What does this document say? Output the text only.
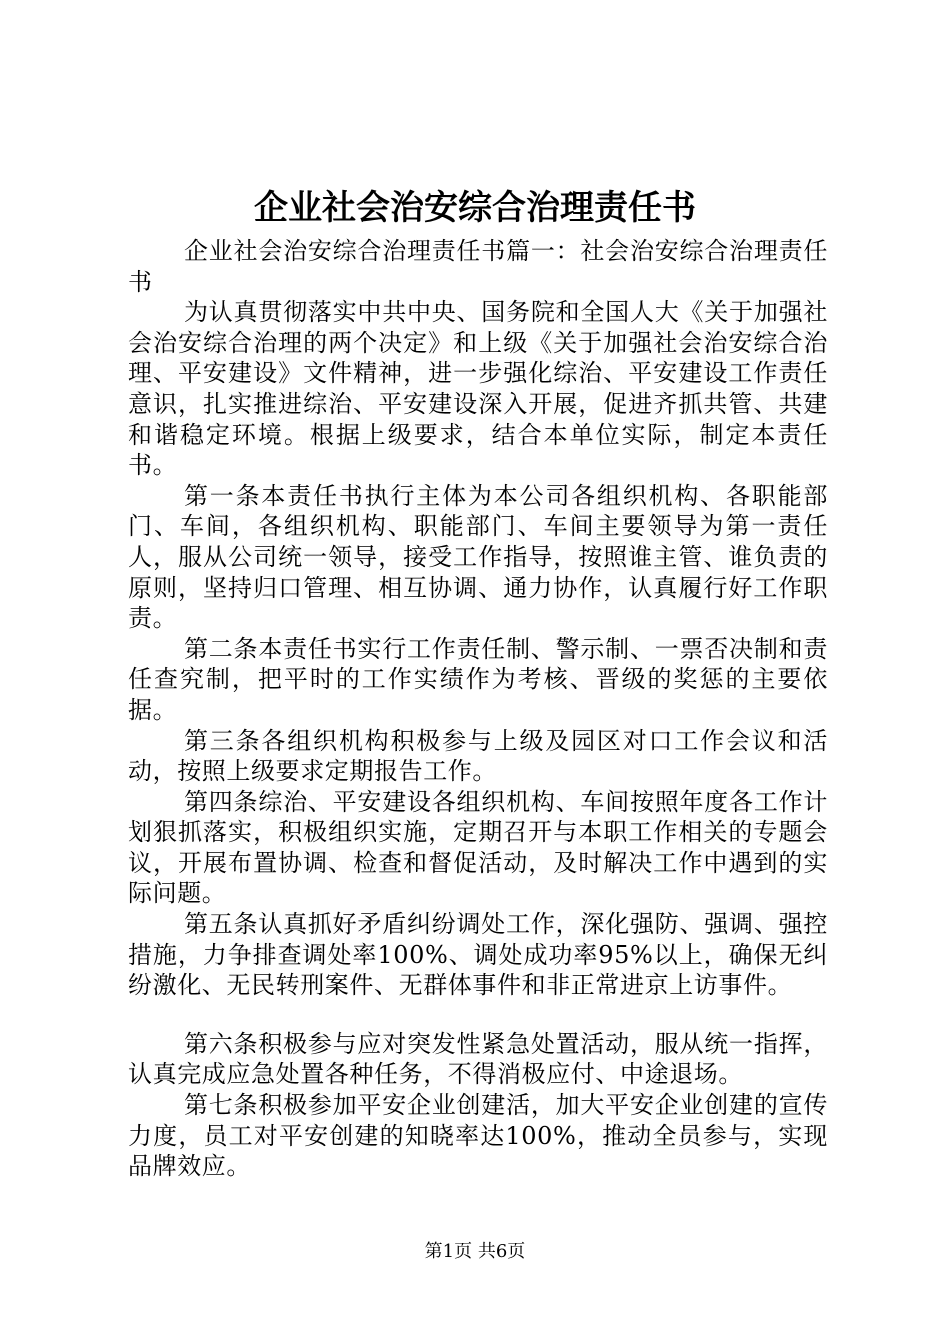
企业社会治安综合治理责任书

企业社会治安综合治理责任书篇一：社会治安综合治理责任书

为认真贯彻落实中共中央、国务院和全国人大《关于加强社会治安综合治理的两个决定》和上级《关于加强社会治安综合治理、平安建设》文件精神，进一步强化综治、平安建设工作责任意识，扎实推进综治、平安建设深入开展，促进齐抓共管、共建和谐稳定环境。根据上级要求，结合本单位实际，制定本责任书。

第一条本责任书执行主体为本公司各组织机构、各职能部门、车间，各组织机构、职能部门、车间主要领导为第一责任人，服从公司统一领导，接受工作指导，按照谁主管、谁负责的原则，坚持归口管理、相互协调、通力协作，认真履行好工作职责。

第二条本责任书实行工作责任制、警示制、一票否决制和责任查究制，把平时的工作实绩作为考核、晋级的奖惩的主要依据。

第三条各组织机构积极参与上级及园区对口工作会议和活动，按照上级要求定期报告工作。

第四条综治、平安建设各组织机构、车间按照年度各工作计划狠抓落实，积极组织实施，定期召开与本职工作相关的专题会议，开展布置协调、检查和督促活动，及时解决工作中遇到的实际问题。

第五条认真抓好矛盾纠纷调处工作，深化强防、强调、强控措施，力争排查调处率100%、调处成功率95%以上，确保无纠纷激化、无民转刑案件、无群体事件和非正常进京上访事件。

第六条积极参与应对突发性紧急处置活动，服从统一指挥，认真完成应急处置各种任务，不得消极应付、中途退场。

第七条积极参加平安企业创建活，加大平安企业创建的宣传力度，员工对平安创建的知晓率达100%，推动全员参与，实现品牌效应。

第1页 共6页
